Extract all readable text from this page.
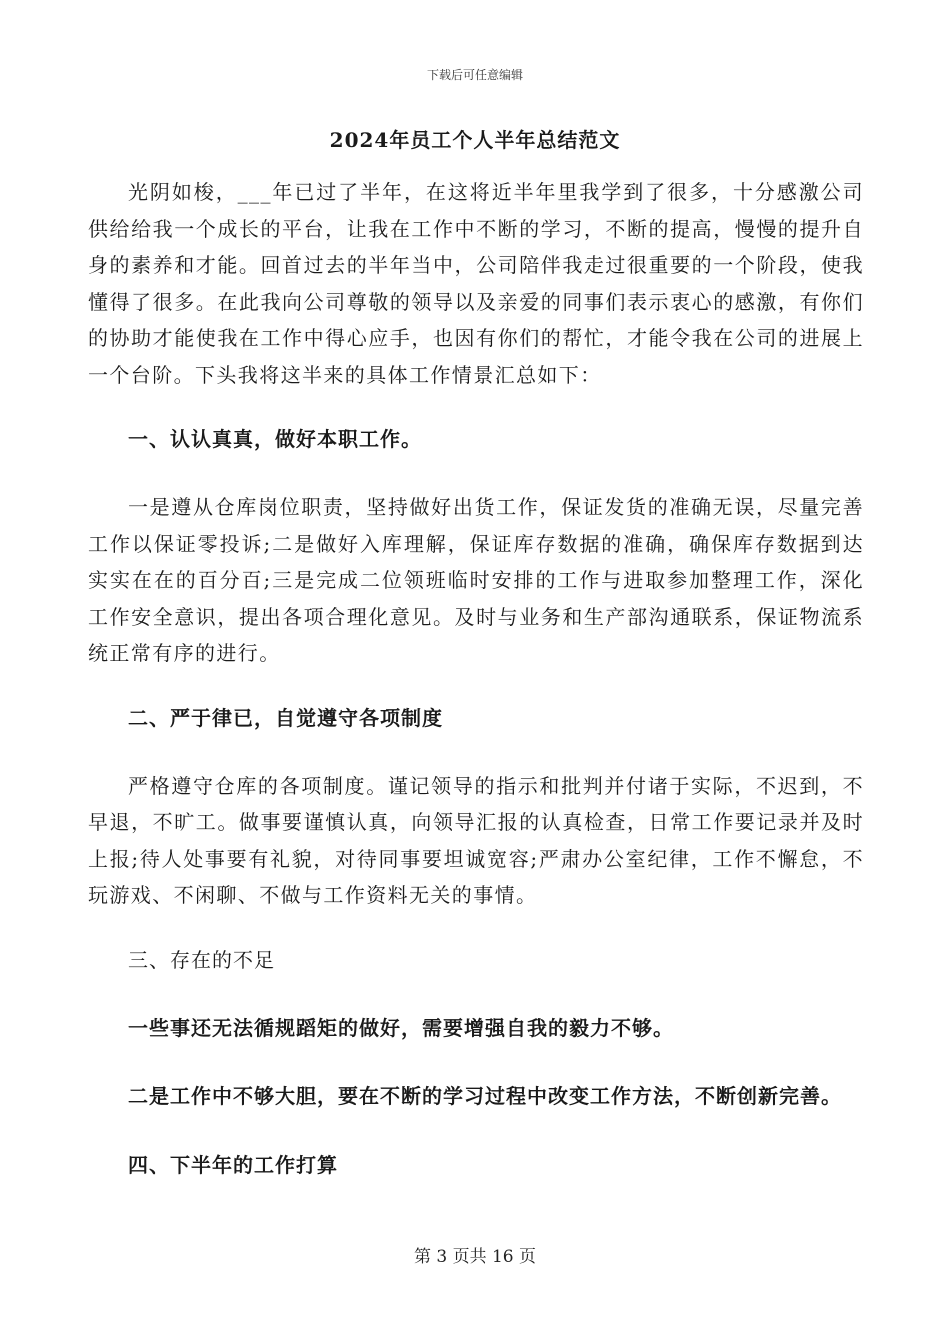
下载后可任意编辑
2024年员工个人半年总结范文

光阴如梭，___年已过了半年，在这将近半年里我学到了很多，十分感激公司供给给我一个成长的平台，让我在工作中不断的学习，不断的提高，慢慢的提升自身的素养和才能。回首过去的半年当中，公司陪伴我走过很重要的一个阶段，使我懂得了很多。在此我向公司尊敬的领导以及亲爱的同事们表示衷心的感激，有你们的协助才能使我在工作中得心应手，也因有你们的帮忙，才能令我在公司的进展上一个台阶。下头我将这半来的具体工作情景汇总如下：

一、认认真真，做好本职工作。

一是遵从仓库岗位职责，坚持做好出货工作，保证发货的准确无误，尽量完善工作以保证零投诉;二是做好入库理解，保证库存数据的准确，确保库存数据到达实实在在的百分百;三是完成二位领班临时安排的工作与进取参加整理工作，深化工作安全意识，提出各项合理化意见。及时与业务和生产部沟通联系，保证物流系统正常有序的进行。

二、严于律已，自觉遵守各项制度

严格遵守仓库的各项制度。谨记领导的指示和批判并付诸于实际，不迟到，不早退，不旷工。做事要谨慎认真，向领导汇报的认真检查，日常工作要记录并及时上报;待人处事要有礼貌，对待同事要坦诚宽容;严肃办公室纪律，工作不懈怠，不玩游戏、不闲聊、不做与工作资料无关的事情。

三、存在的不足

一些事还无法循规蹈矩的做好，需要增强自我的毅力不够。

二是工作中不够大胆，要在不断的学习过程中改变工作方法，不断创新完善。

四、下半年的工作打算
第 3 页共 16 页
